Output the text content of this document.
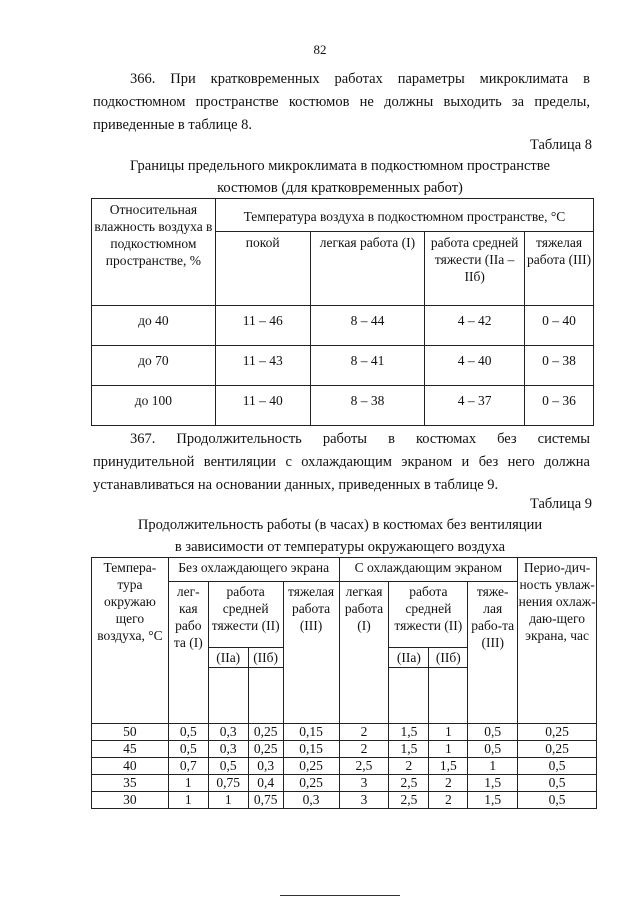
82

366. При кратковременных работах параметры микроклимата в подкостюмном пространстве костюмов не должны выходить за пределы, приведенные в таблице 8.

Таблица 8
Границы предельного микроклимата в подкостюмном пространстве
костюмов (для кратковременных работ)
Относительная влажность воздуха в подкостюмном пространстве, %	Температура воздуха в подкостюмном пространстве, °С			
	покой	легкая работа (I)	работа средней тяжести (IIа – IIб)	тяжелая работа (III)
до 40	11 – 46	8 – 44	4 – 42	0 – 40
до 70	11 – 43	8 – 41	4 – 40	0 – 38
до 100	11 – 40	8 – 38	4 – 37	0 – 36

367. Продолжительность работы в костюмах без системы принудительной вентиляции с охлаждающим экраном и без него должна устанавливаться на основании данных, приведенных в таблице 9.

Таблица 9
Продолжительность работы (в часах) в костюмах без вентиляции
в зависимости от температуры окружающего воздуха
Темпера-тура окружаю щего воздуха, °С	Без охлаждающего экрана				С охлаждающим экраном				Перио-дич-ность увлаж-нения охлаж-даю-щего экрана, час
	лег-кая рабо та (I)	работа средней тяжести (II)		тяжелая работа (III)	легкая работа (I)	работа средней тяжести (II)		тяже-лая рабо-та (III)	
		(IIа)	(IIб)			(IIа)	(IIб)		

50	0,5	0,3	0,25	0,15	2	1,5	1	0,5	0,25
45	0,5	0,3	0,25	0,15	2	1,5	1	0,5	0,25
40	0,7	0,5	0,3	0,25	2,5	2	1,5	1	0,5
35	1	0,75	0,4	0,25	3	2,5	2	1,5	0,5
30	1	1	0,75	0,3	3	2,5	2	1,5	0,5
